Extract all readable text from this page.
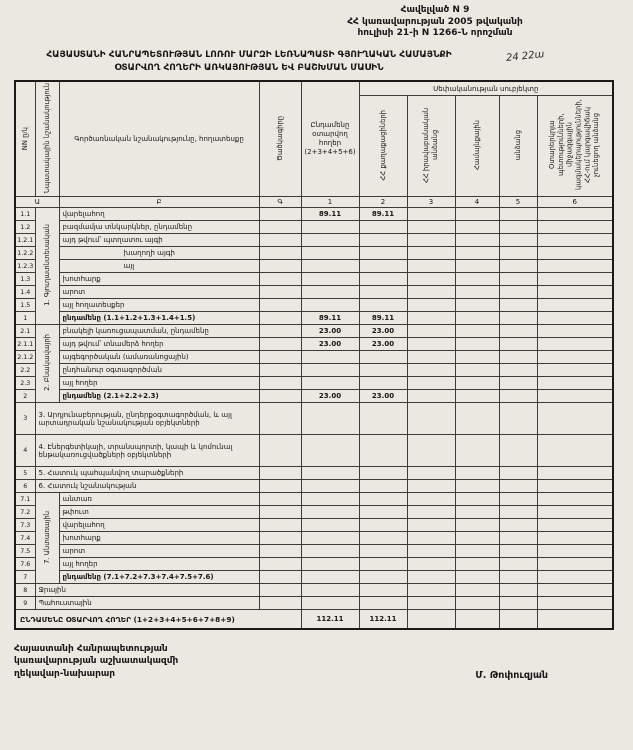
Հավելված N 9
ՀՀ կառավարության 2005 թվականի
հուլիսի 21-ի N 1266-Ն որոշման
24 22ա
ՀԱՅԱՍՏԱՆԻ ՀԱՆՐԱՊԵՏՈՒԹՅԱՆ ԼՈՌՈՒ ՄԱՐԶԻ ԼԵՌՆԱՊԱՏԻ ԳՅՈՒՂԱԿԱՆ ՀԱՄԱՅՆՔԻ
ՕՏԱՐՎՈՂ ՀՈՂԵՐԻ ԱՌԿԱՅՈՒԹՅԱՆ ԵՎ ԲԱՇԽՄԱՆ ՄԱՍԻՆ
NN ը/կ	Նպատակային նշանակություն	Գործառնական նշանակությունը, հողատեսքը	Ծածկագիրը	Ընդամենը օտարվող հողեր (2+3+4+5+6)	Սեփականության սուբյեկտը				
					ՀՀ քաղաքացիների	ՀՀ իրավաբանական անձանց	Համայնքային	անձանց	Օտարերկրյա պետությունների, միջազգային կազմակերպությունների, ՀՀ-ում կարգավիճակ չունեցող անձանց
Ա		Բ	Գ	1	2	3	4	5	6
1.1	1. Գյուղատնտեսական	վարելահող		89.11	89.11				
1.2		բազմամյա տնկարկներ, ընդամենը							
1.2.1		այդ թվում՝ պտղատու այգի							
1.2.2		խաղողի այգի							
1.2.3		այլ							
1.3		խոտհարք							
1.4		արոտ							
1.5		այլ հողատեսքեր							
1		ընդամենը (1.1+1.2+1.3+1.4+1.5)		89.11	89.11				
2.1	2. Բնակավայրի	բնակելի կառուցապատման, ընդամենը		23.00	23.00				
2.1.1		այդ թվում՝ տնամերձ հողեր		23.00	23.00				
2.1.2		այգեգործական (ամառանոցային)							
2.2		ընդհանուր օգտագործման							
2.3		այլ հողեր							
2		ընդամենը (2.1+2.2+2.3)		23.00	23.00				
3	3. Արդյունաբերության, ընդերքօգտագործման, և այլ արտադրական նշանակության օբյեկտների								
4	4. Էներգետիկայի, տրանսպորտի, կապի և կոմունալ ենթակառուցվածքների օբյեկտների								
5	5. Հատուկ պահպանվող տարածքների								
6	6. Հատուկ նշանակության								
7.1	7. Անտառային	անտառ							
7.2		թփուտ							
7.3		վարելահող							
7.4		խոտհարք							
7.5		արոտ							
7.6		այլ հողեր							
7		ընդամենը (7.1+7.2+7.3+7.4+7.5+7.6)							
8	Ջրային								
9	Պահուստային								
ԸՆԴԱՄԵՆԸ ՕՏԱՐՎՈՂ ՀՈՂԵՐ (1+2+3+4+5+6+7+8+9)				112.11	112.11				
Հայաստանի Հանրապետության
կառավարության աշխատակազմի
ղեկավար-նախարար	Մ. Թոփուզյան
